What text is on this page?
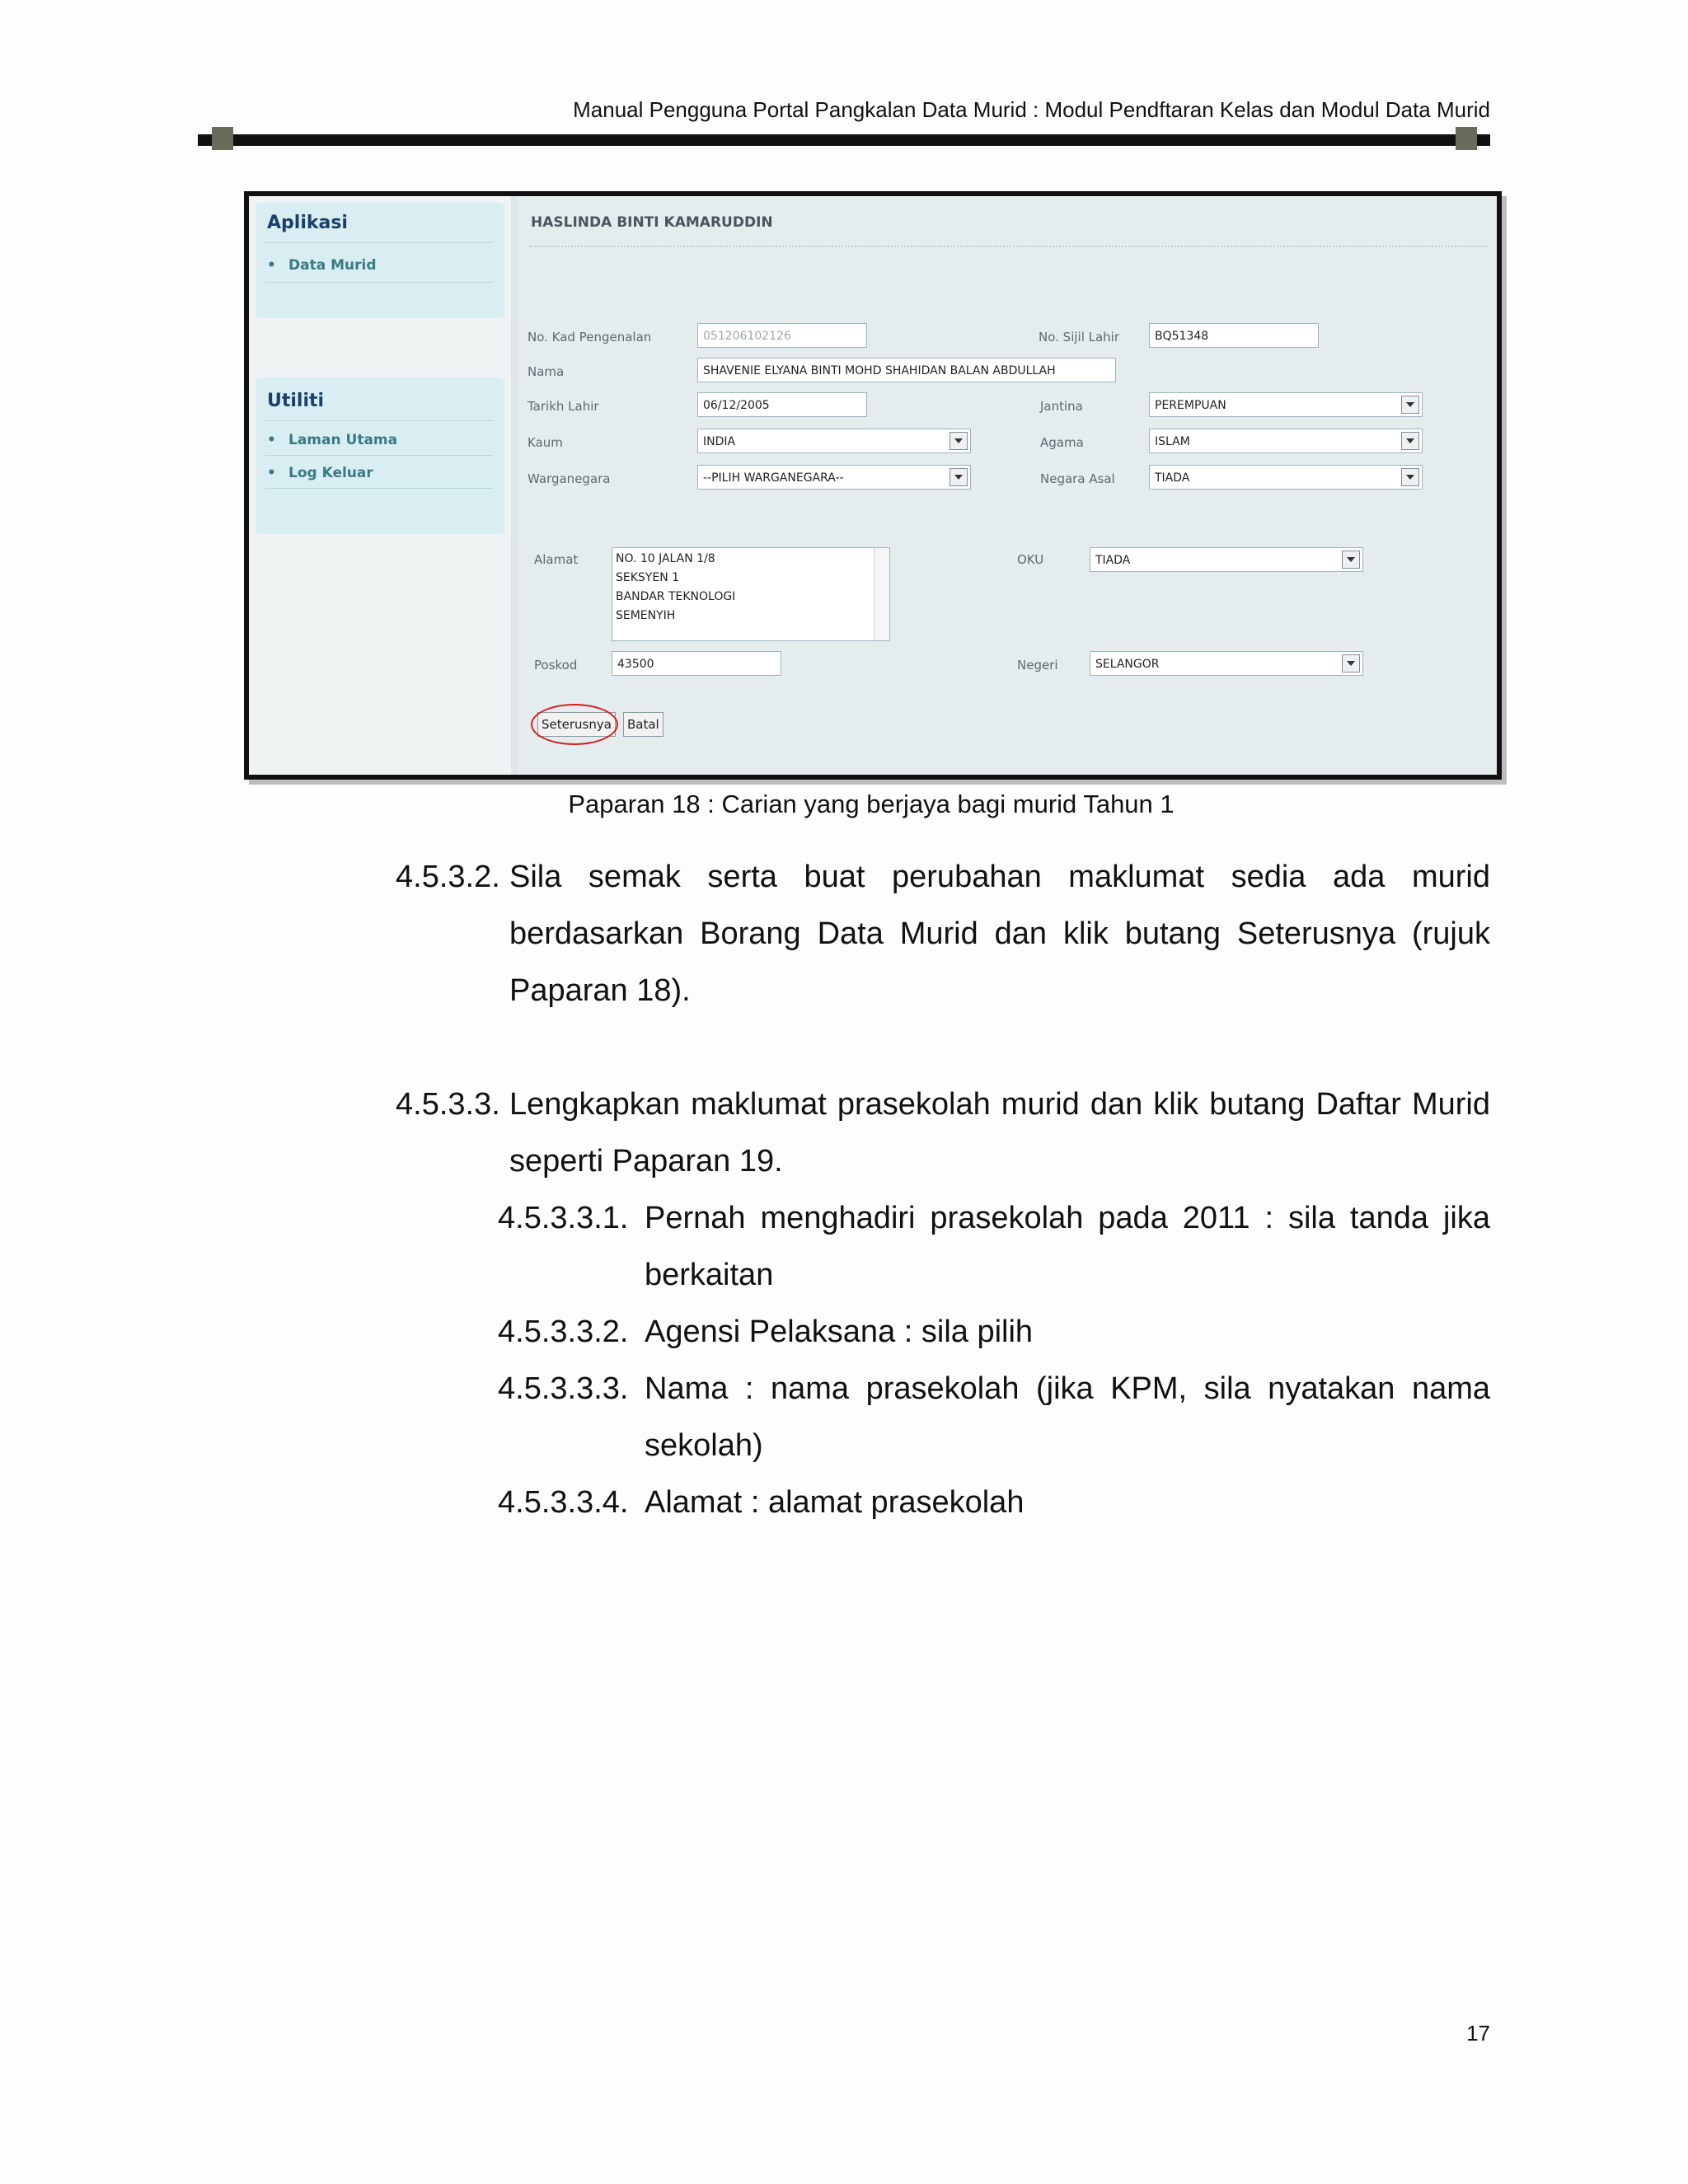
Manual Pengguna Portal Pangkalan Data Murid : Modul Pendftaran Kelas dan Modul Data Murid
Aplikasi
• Data Murid
Utiliti
• Laman Utama
• Log Keluar
HASLINDA BINTI KAMARUDDIN
No. Kad Pengenalan	051206102126	No. Sijil Lahir	BQ51348
Nama	SHAVENIE ELYANA BINTI MOHD SHAHIDAN BALAN ABDULLAH
Tarikh Lahir	06/12/2005	Jantina	PEREMPUAN
Kaum	INDIA	Agama	ISLAM
Warganegara	--PILIH WARGANEGARA--	Negara Asal	TIADA
Alamat	NO. 10 JALAN 1/8
SEKSYEN 1
BANDAR TEKNOLOGI
SEMENYIH
OKU	TIADA
Poskod	43500	Negeri	SELANGOR
Seterusnya	Batal
Paparan 18 : Carian yang berjaya bagi murid Tahun 1
4.5.3.2. Sila semak serta buat perubahan maklumat sedia ada murid berdasarkan Borang Data Murid dan klik butang Seterusnya (rujuk Paparan 18).
4.5.3.3. Lengkapkan maklumat prasekolah murid dan klik butang Daftar Murid seperti Paparan 19.
4.5.3.3.1. Pernah menghadiri prasekolah pada 2011 : sila tanda jika berkaitan
4.5.3.3.2. Agensi Pelaksana : sila pilih
4.5.3.3.3. Nama : nama prasekolah (jika KPM, sila nyatakan nama sekolah)
4.5.3.3.4. Alamat : alamat prasekolah
17
